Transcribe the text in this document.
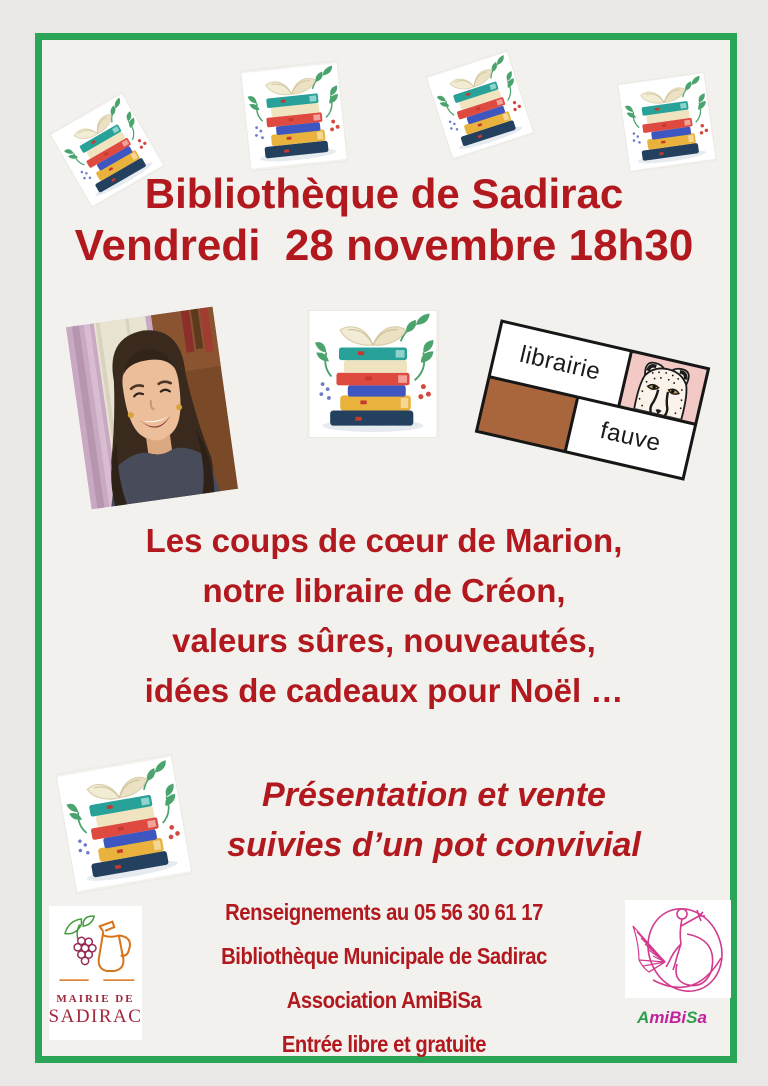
Bibliothèque de Sadirac
Vendredi  28 novembre 18h30
librairie
fauve
Les coups de cœur de Marion,
notre libraire de Créon,
valeurs sûres, nouveautés,
idées de cadeaux pour Noël …
Présentation et vente
suivies d’un pot convivial
Renseignements au 05 56 30 61 17
Bibliothèque Municipale de Sadirac
Association AmiBiSa
Entrée libre et gratuite
MAIRIE DE
SADIRAC	AmiBiSa
